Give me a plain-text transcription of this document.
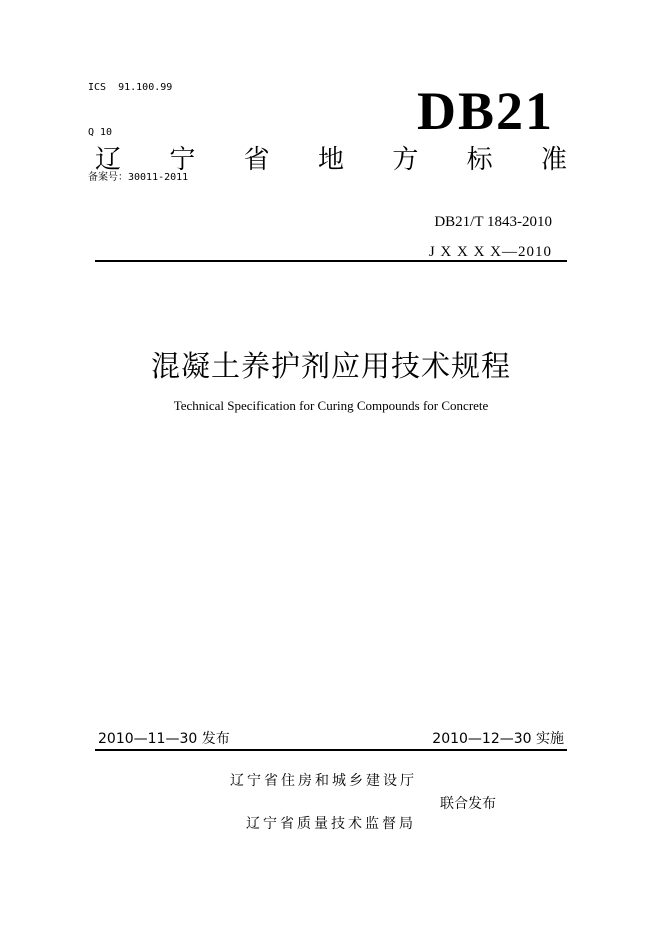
ICS  91.100.99

Q 10

备案号：30011-2011

DB21
辽 宁 省 地 方 标 准
DB21/T 1843-2010
J X X X X—2010
混凝土养护剂应用技术规程
Technical Specification for Curing Compounds for Concrete
2010—11—30 发布	2010—12—30 实施
辽宁省住房和城乡建设厅
联合发布
辽宁省质量技术监督局
